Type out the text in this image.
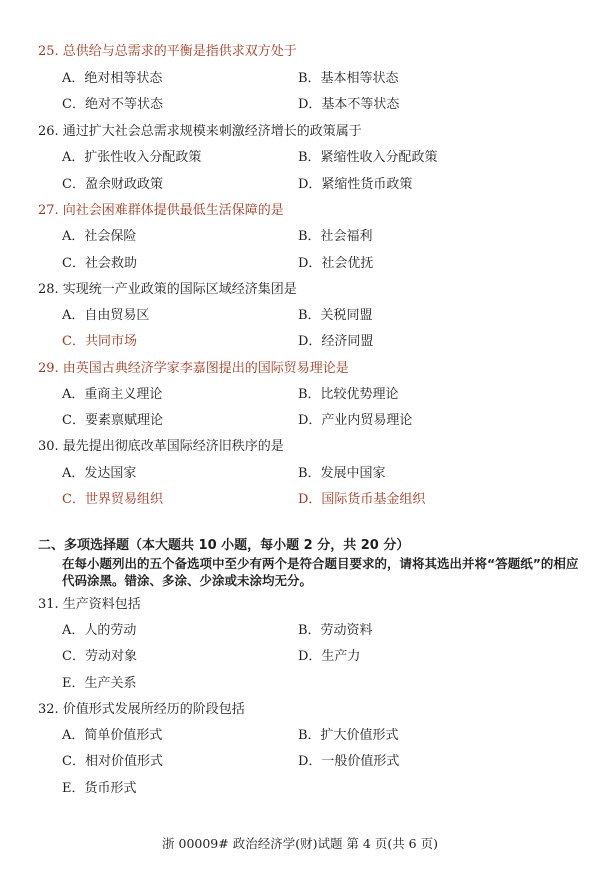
25. 总供给与总需求的平衡是指供求双方处于
A．绝对相等状态	B．基本相等状态
C．绝对不等状态	D．基本不等状态
26. 通过扩大社会总需求规模来刺激经济增长的政策属于
A．扩张性收入分配政策	B．紧缩性收入分配政策
C．盈余财政政策	D．紧缩性货币政策
27. 向社会困难群体提供最低生活保障的是
A．社会保险	B．社会福利
C．社会救助	D．社会优抚
28. 实现统一产业政策的国际区域经济集团是
A．自由贸易区	B．关税同盟
C．共同市场	D．经济同盟
29. 由英国古典经济学家李嘉图提出的国际贸易理论是
A．重商主义理论	B．比较优势理论
C．要素禀赋理论	D．产业内贸易理论
30. 最先提出彻底改革国际经济旧秩序的是
A．发达国家	B．发展中国家
C．世界贸易组织	D．国际货币基金组织
二、多项选择题（本大题共 10 小题，每小题 2 分，共 20 分）
在每小题列出的五个备选项中至少有两个是符合题目要求的，请将其选出并将“答题纸”的相应代码涂黑。错涂、多涂、少涂或未涂均无分。
31. 生产资料包括
A．人的劳动	B．劳动资料
C．劳动对象	D．生产力
E．生产关系
32. 价值形式发展所经历的阶段包括
A．简单价值形式	B．扩大价值形式
C．相对价值形式	D．一般价值形式
E．货币形式
浙 00009# 政治经济学(财)试题 第 4 页(共 6 页)
